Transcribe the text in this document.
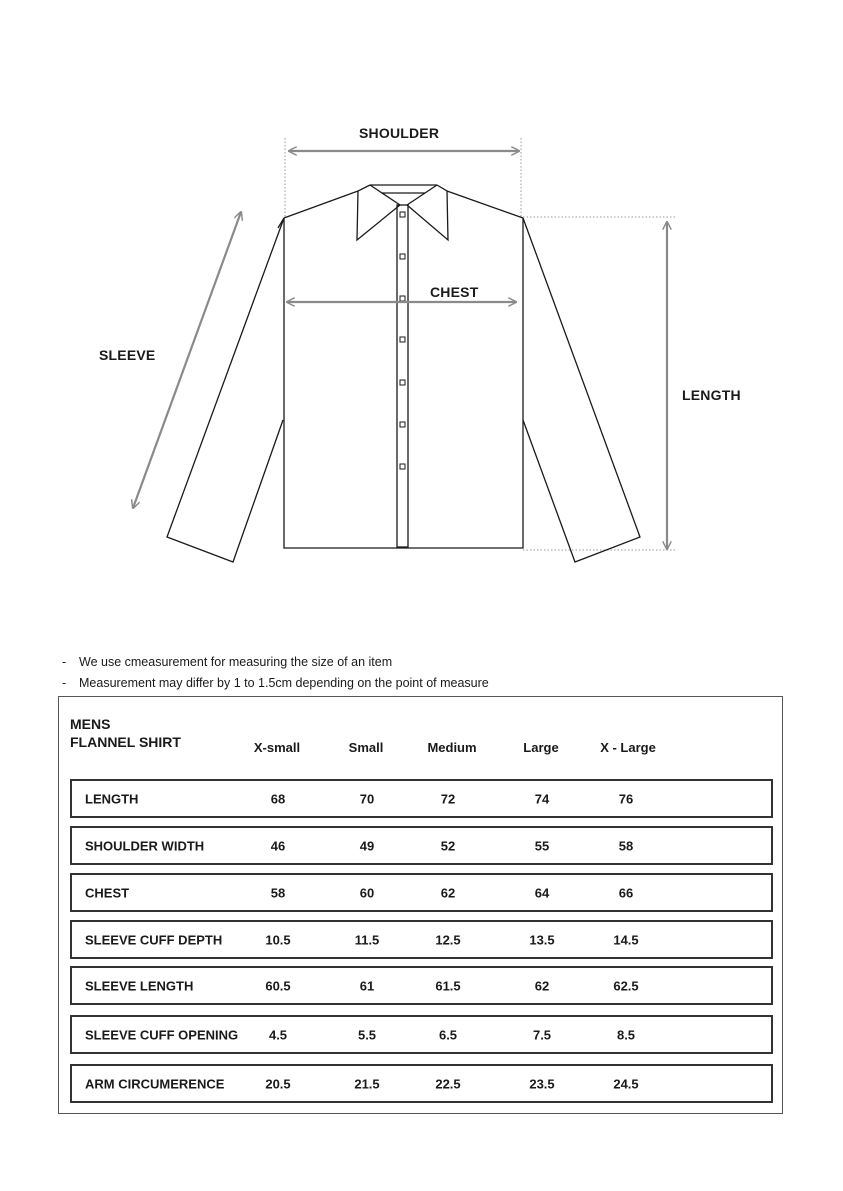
SHOULDER
CHEST
SLEEVE
LENGTH
-	We use cmeasurement for measuring the size of an item
-	Measurement may differ by 1 to 1.5cm depending on the point of measure
MENS
FLANNEL SHIRT	X-small	Small	Medium	Large	X - Large
LENGTH	68	70	72	74	76
SHOULDER WIDTH	46	49	52	55	58
CHEST	58	60	62	64	66
SLEEVE CUFF DEPTH	10.5	11.5	12.5	13.5	14.5
SLEEVE LENGTH	60.5	61	61.5	62	62.5
SLEEVE CUFF OPENING 4.5	5.5	6.5	7.5	8.5
ARM CIRCUMERENCE	20.5	21.5	22.5	23.5	24.5
